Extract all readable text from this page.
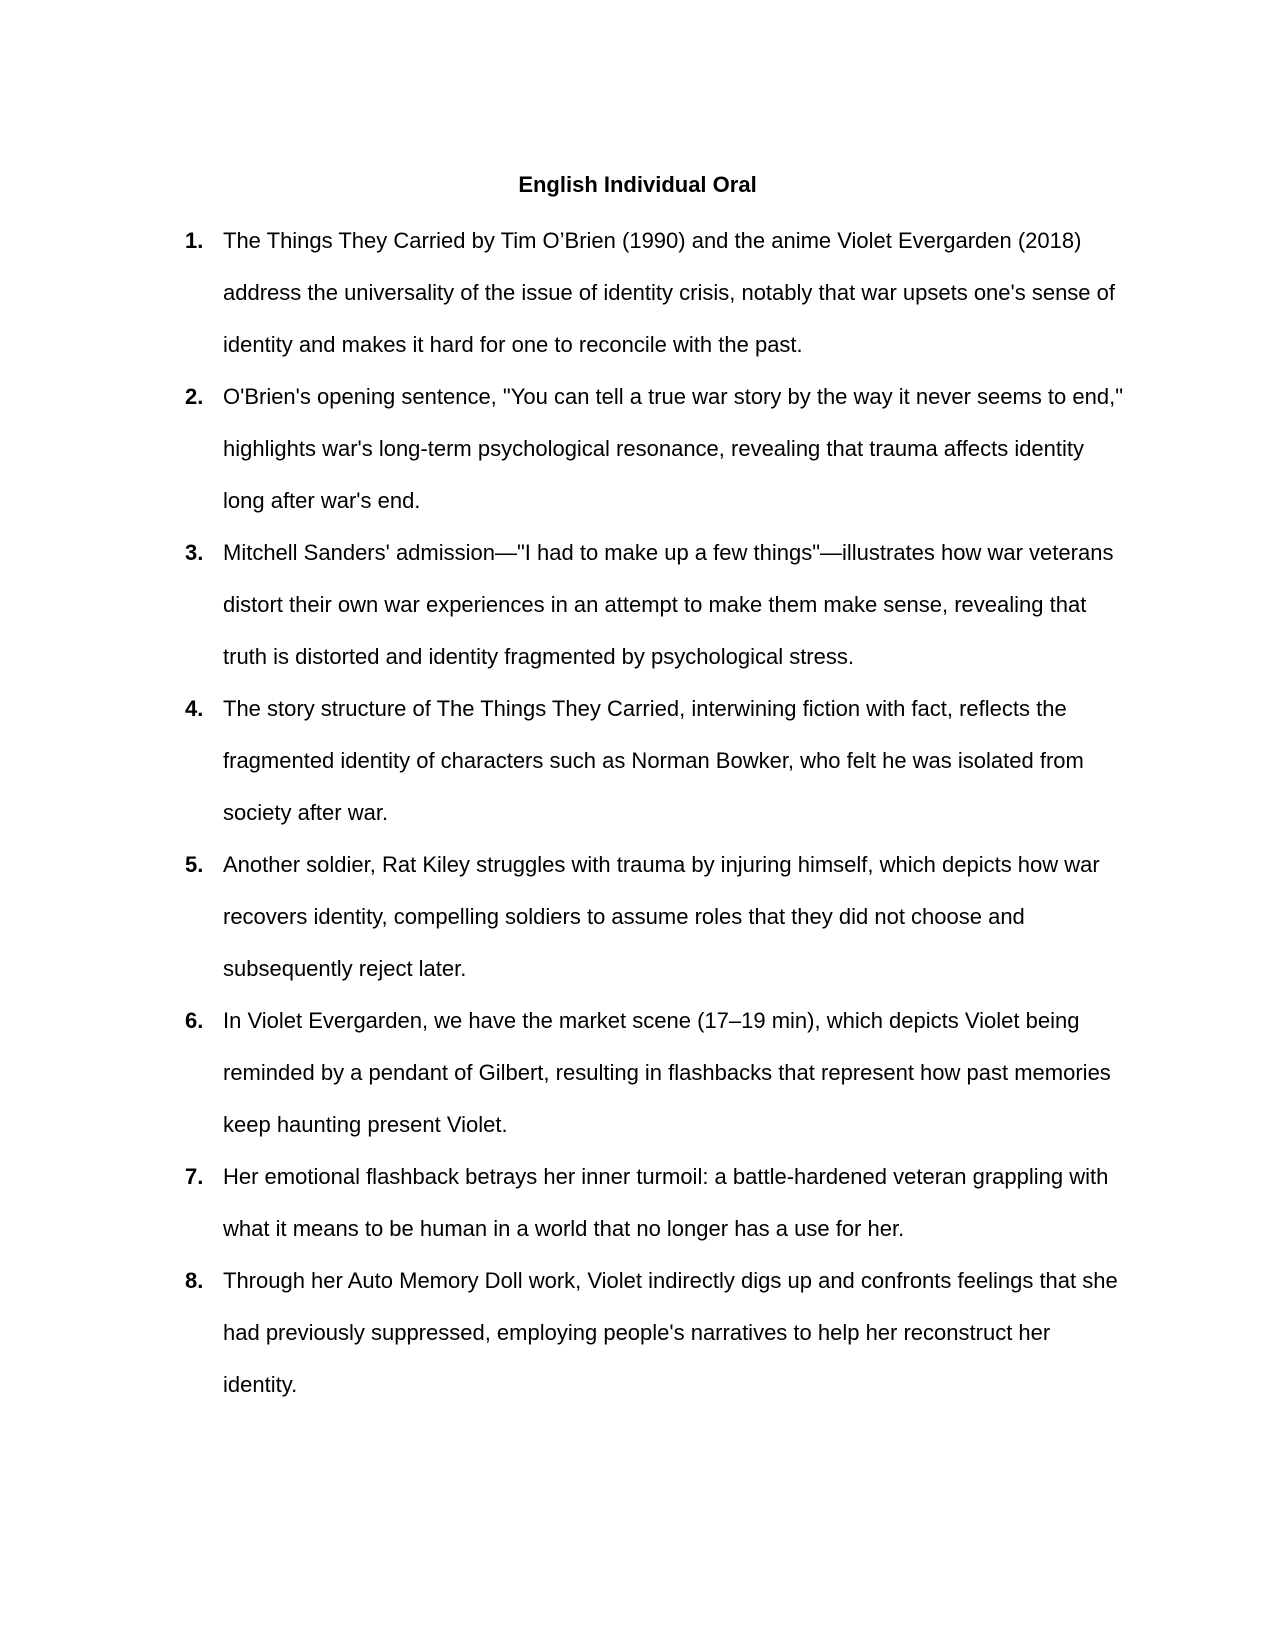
English Individual Oral
1. The Things They Carried by Tim O’Brien (1990) and the anime Violet Evergarden (2018) address the universality of the issue of identity crisis, notably that war upsets one's sense of identity and makes it hard for one to reconcile with the past.
2. O'Brien's opening sentence, "You can tell a true war story by the way it never seems to end," highlights war's long-term psychological resonance, revealing that trauma affects identity long after war's end.
3. Mitchell Sanders' admission—"I had to make up a few things"—illustrates how war veterans distort their own war experiences in an attempt to make them make sense, revealing that truth is distorted and identity fragmented by psychological stress.
4. The story structure of The Things They Carried, interwining fiction with fact, reflects the fragmented identity of characters such as Norman Bowker, who felt he was isolated from society after war.
5. Another soldier, Rat Kiley struggles with trauma by injuring himself, which depicts how war recovers identity, compelling soldiers to assume roles that they did not choose and subsequently reject later.
6. In Violet Evergarden, we have the market scene (17–19 min), which depicts Violet being reminded by a pendant of Gilbert, resulting in flashbacks that represent how past memories keep haunting present Violet.
7. Her emotional flashback betrays her inner turmoil: a battle-hardened veteran grappling with what it means to be human in a world that no longer has a use for her.
8. Through her Auto Memory Doll work, Violet indirectly digs up and confronts feelings that she had previously suppressed, employing people's narratives to help her reconstruct her identity.
